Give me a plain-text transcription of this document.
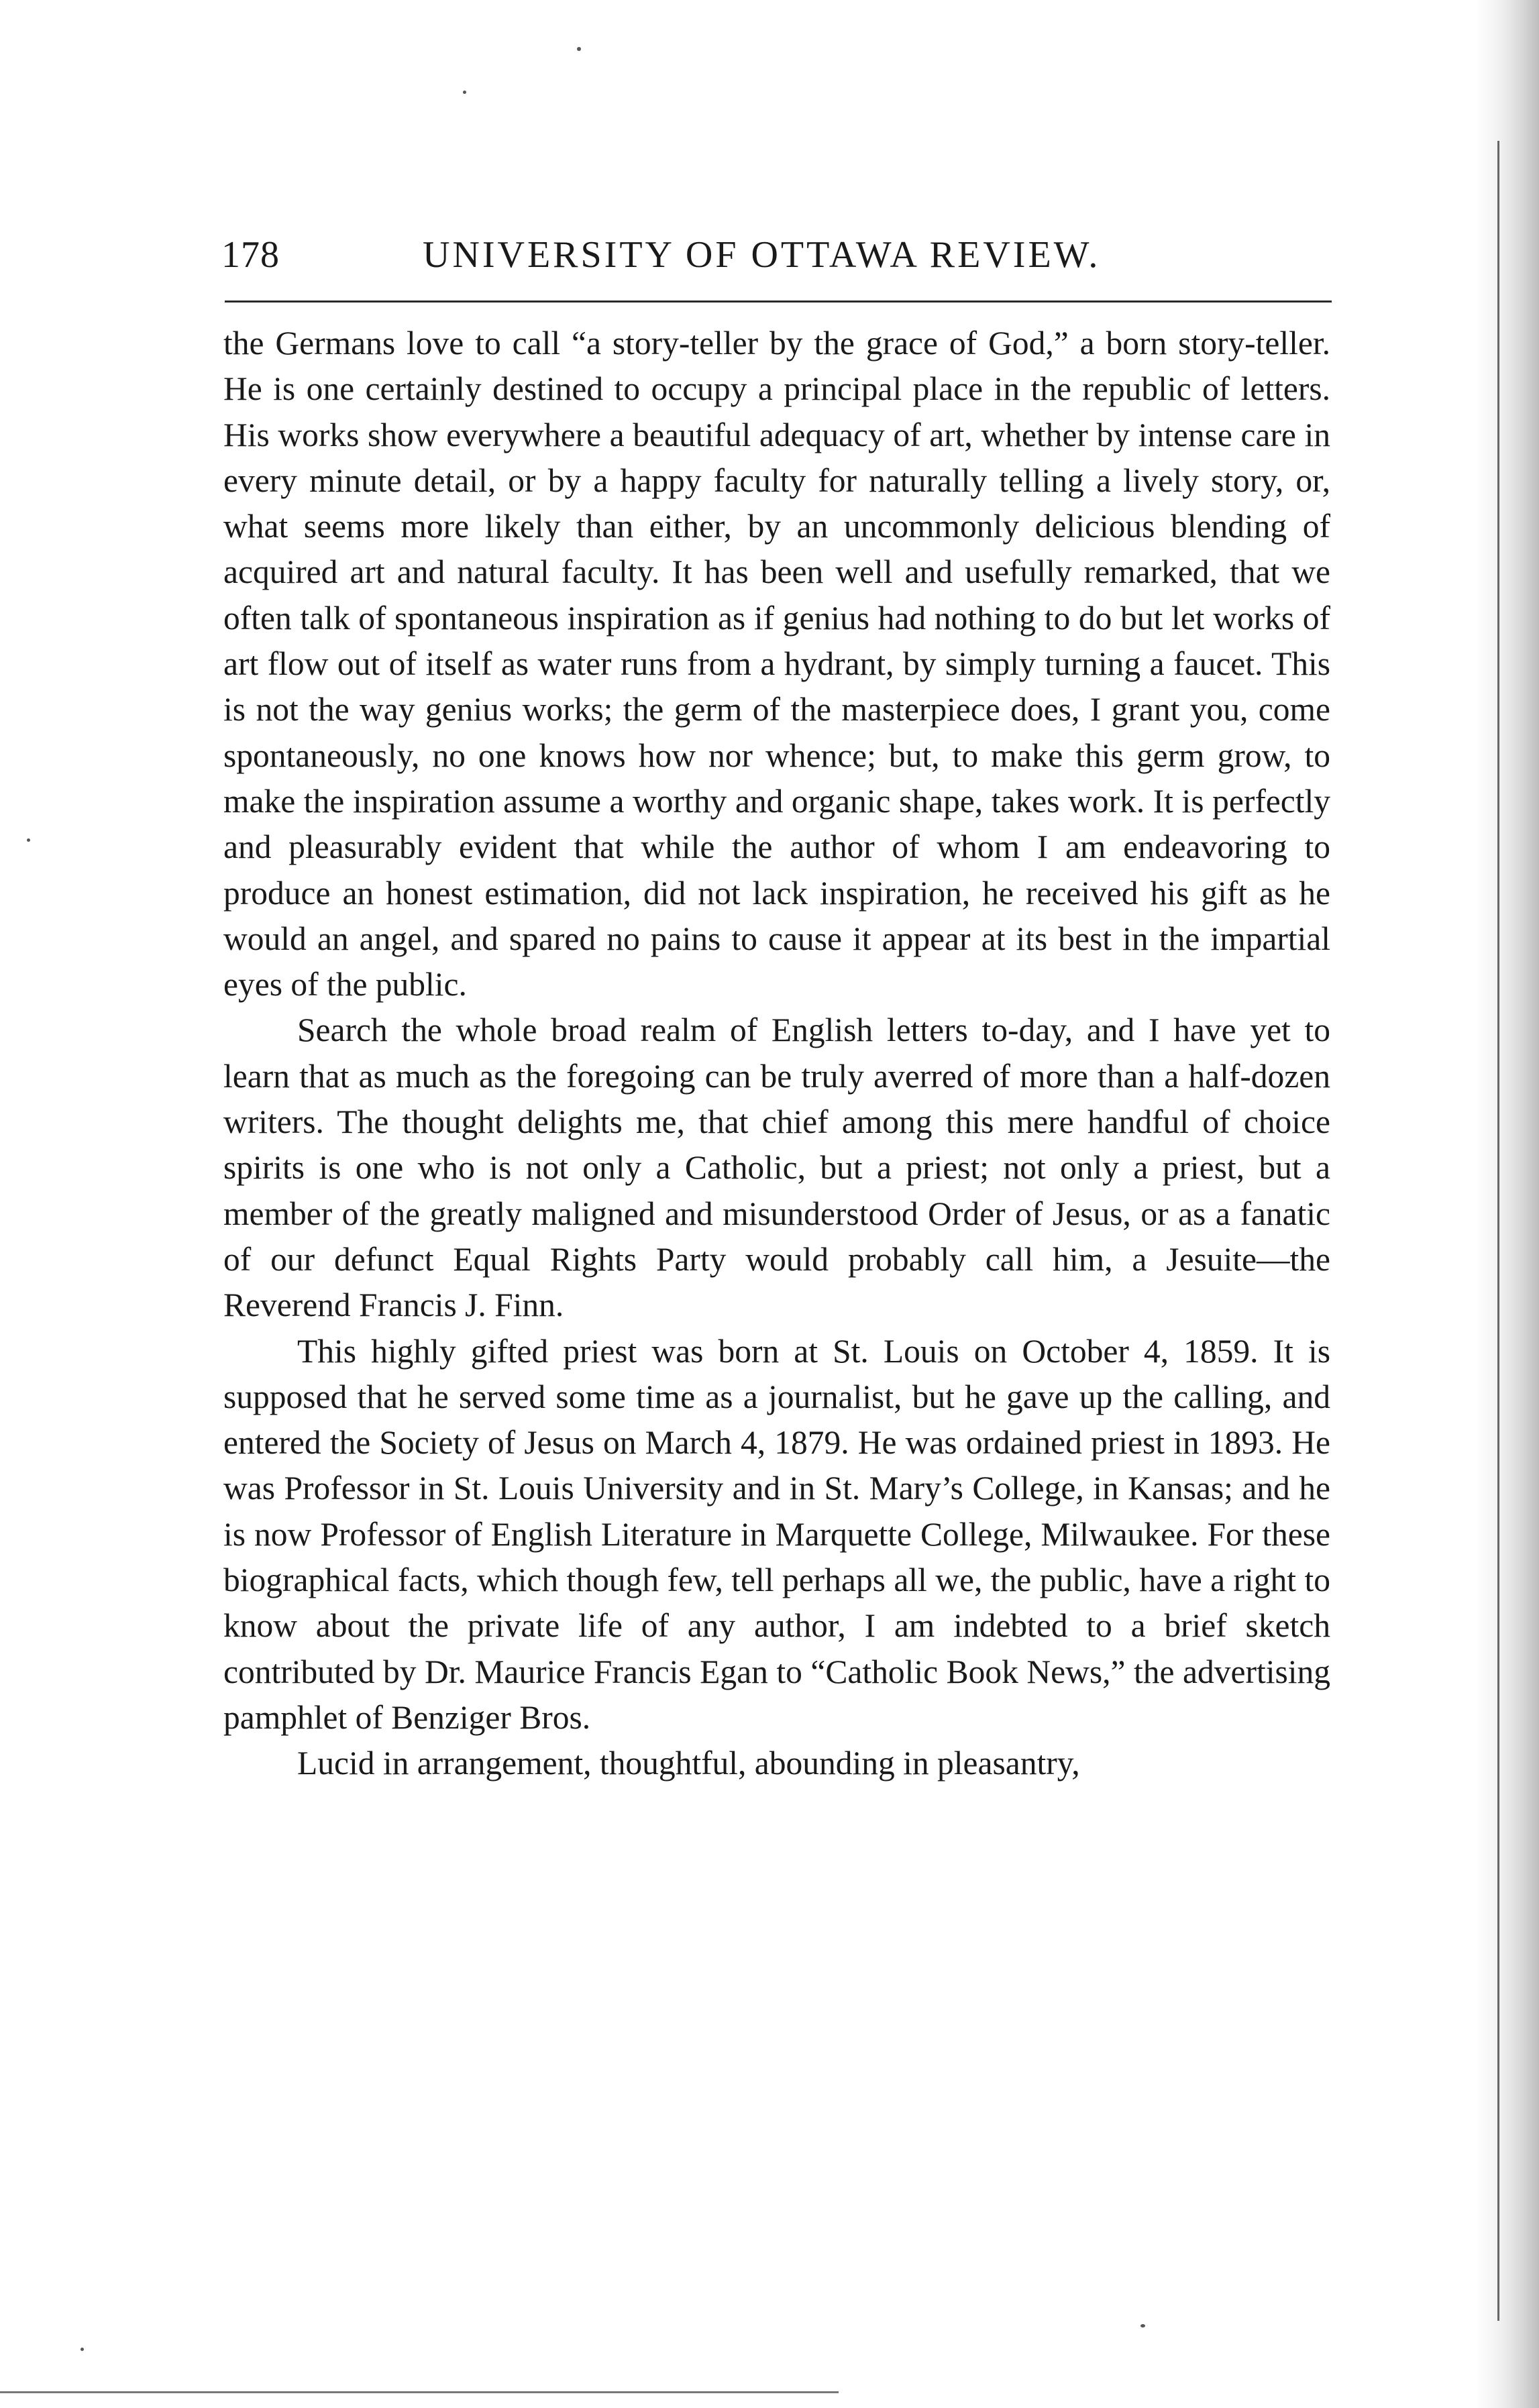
178	UNIVERSITY OF OTTAWA REVIEW.

the Germans love to call “a story-teller by the grace of God,” a born story-teller. He is one certainly destined to occupy a principal place in the republic of letters. His works show everywhere a beautiful adequacy of art, whether by intense care in every minute detail, or by a happy faculty for naturally telling a lively story, or, what seems more likely than either, by an uncommonly delicious blending of acquired art and natural faculty. It has been well and usefully remarked, that we often talk of spontaneous inspiration as if genius had nothing to do but let works of art flow out of itself as water runs from a hydrant, by simply turning a faucet. This is not the way genius works; the germ of the masterpiece does, I grant you, come spontaneously, no one knows how nor whence; but, to make this germ grow, to make the inspiration assume a worthy and organic shape, takes work. It is perfectly and pleasurably evident that while the author of whom I am endeavoring to produce an honest estimation, did not lack inspiration, he received his gift as he would an angel, and spared no pains to cause it appear at its best in the impartial eyes of the public.

Search the whole broad realm of English letters to-day, and I have yet to learn that as much as the foregoing can be truly averred of more than a half-dozen writers. The thought delights me, that chief among this mere handful of choice spirits is one who is not only a Catholic, but a priest; not only a priest, but a member of the greatly maligned and misunderstood Order of Jesus, or as a fanatic of our defunct Equal Rights Party would probably call him, a Jesuite—the Reverend Francis J. Finn.

This highly gifted priest was born at St. Louis on October 4, 1859. It is supposed that he served some time as a journalist, but he gave up the calling, and entered the Society of Jesus on March 4, 1879. He was ordained priest in 1893. He was Professor in St. Louis University and in St. Mary’s College, in Kansas; and he is now Professor of English Literature in Marquette College, Milwaukee. For these biographical facts, which though few, tell perhaps all we, the public, have a right to know about the private life of any author, I am indebted to a brief sketch contributed by Dr. Maurice Francis Egan to “Catholic Book News,” the advertising pamphlet of Benziger Bros.

Lucid in arrangement, thoughtful, abounding in pleasantry,
